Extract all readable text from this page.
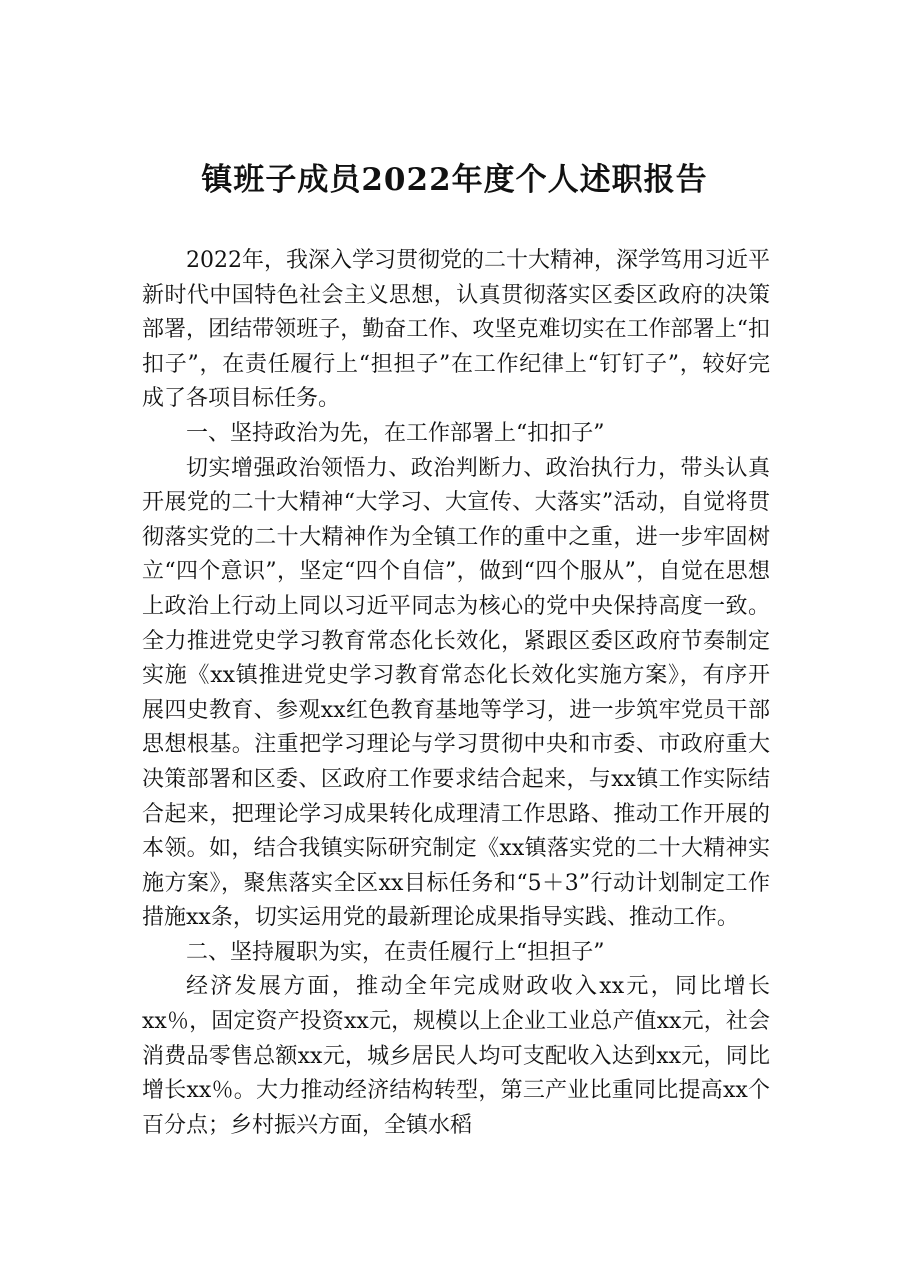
镇班子成员2022年度个人述职报告

2022年，我深入学习贯彻党的二十大精神，深学笃用习近平新时代中国特色社会主义思想，认真贯彻落实区委区政府的决策部署，团结带领班子，勤奋工作、攻坚克难切实在工作部署上“扣扣子”，在责任履行上“担担子”在工作纪律上“钉钉子”，较好完成了各项目标任务。

一、坚持政治为先，在工作部署上“扣扣子”

切实增强政治领悟力、政治判断力、政治执行力，带头认真开展党的二十大精神“大学习、大宣传、大落实”活动，自觉将贯彻落实党的二十大精神作为全镇工作的重中之重，进一步牢固树立“四个意识”，坚定“四个自信”，做到“四个服从”，自觉在思想上政治上行动上同以习近平同志为核心的党中央保持高度一致。全力推进党史学习教育常态化长效化，紧跟区委区政府节奏制定实施《xx镇推进党史学习教育常态化长效化实施方案》，有序开展四史教育、参观xx红色教育基地等学习，进一步筑牢党员干部思想根基。注重把学习理论与学习贯彻中央和市委、市政府重大决策部署和区委、区政府工作要求结合起来，与xx镇工作实际结合起来，把理论学习成果转化成理清工作思路、推动工作开展的本领。如，结合我镇实际研究制定《xx镇落实党的二十大精神实施方案》，聚焦落实全区xx目标任务和“5＋3”行动计划制定工作措施xx条，切实运用党的最新理论成果指导实践、推动工作。

二、坚持履职为实，在责任履行上“担担子”

经济发展方面，推动全年完成财政收入xx元，同比增长xx％，固定资产投资xx元，规模以上企业工业总产值xx元，社会消费品零售总额xx元，城乡居民人均可支配收入达到xx元，同比增长xx％。大力推动经济结构转型，第三产业比重同比提高xx个百分点；乡村振兴方面，全镇水稻
